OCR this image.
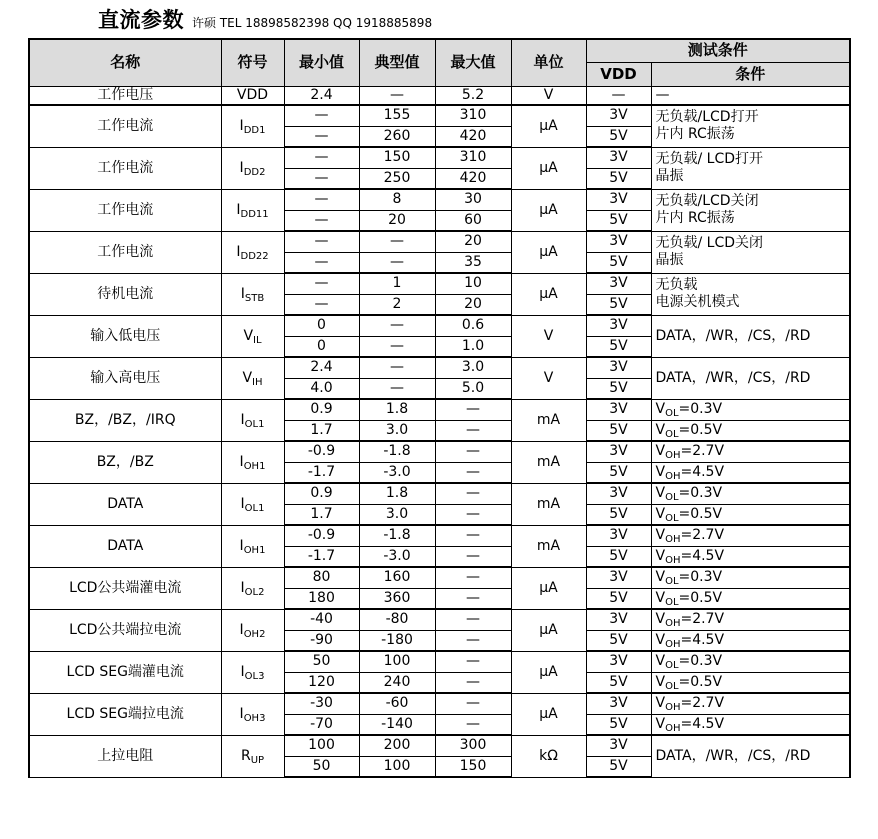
直流参数 许硕 TEL 18898582398 QQ 1918885898
名称	符号	最小值	典型值	最大值	单位	测试条件	
						VDD	条件
工作电压	VDD	2.4	—	5.2	V	—	—

工作电流	$I_{DD1}$	—	155	310	μA	3V	无负载/LCD打开
片内 RC振荡

		—	260	420		5V	
工作电流	$I_{DD2}$	—	150	310	μA	3V	无负载/ LCD打开
晶振

		—	250	420		5V	
工作电流	$I_{DD11}$	—	8	30	μA	3V	无负载/LCD关闭
片内 RC振荡

		—	20	60		5V	
工作电流	$I_{DD22}$	—	—	20	μA	3V	无负载/ LCD关闭
晶振

		—	—	35		5V	
待机电流	$I_{STB}$	—	1	10	μA	3V	无负载
电源关机模式

		—	2	20		5V	
输入低电压	$V_{IL}$	0	—	0.6	V	3V	DATA，/WR，/CS，/RD

		0	—	1.0		5V	
输入高电压	$V_{IH}$	2.4	—	3.0	V	3V	DATA，/WR，/CS，/RD

		4.0	—	5.0		5V	
BZ，/BZ，/IRQ	$I_{OL1}$	0.9	1.8	—	mA	3V	$V_{OL}=0.3V$
		1.7	3.0	—		5V	$V_{OL}=0.5V$
BZ，/BZ	$I_{OH1}$	-0.9	-1.8	—	mA	3V	$V_{OH}=2.7V$
		-1.7	-3.0	—		5V	$V_{OH}=4.5V$
DATA	$I_{OL1}$	0.9	1.8	—	mA	3V	$V_{OL}=0.3V$
		1.7	3.0	—		5V	$V_{OL}=0.5V$
DATA	$I_{OH1}$	-0.9	-1.8	—	mA	3V	$V_{OH}=2.7V$
		-1.7	-3.0	—		5V	$V_{OH}=4.5V$
LCD公共端灌电流	$I_{OL2}$	80	160	—	μA	3V	$V_{OL}=0.3V$
		180	360	—		5V	$V_{OL}=0.5V$
LCD公共端拉电流	$I_{OH2}$	-40	-80	—	μA	3V	$V_{OH}=2.7V$
		-90	-180	—		5V	$V_{OH}=4.5V$
LCD SEG端灌电流	$I_{OL3}$	50	100	—	μA	3V	$V_{OL}=0.3V$
		120	240	—		5V	$V_{OL}=0.5V$
LCD SEG端拉电流	$I_{OH3}$	-30	-60	—	μA	3V	$V_{OH}=2.7V$
		-70	-140	—		5V	$V_{OH}=4.5V$
上拉电阻	$R_{UP}$	100	200	300	kΩ	3V	DATA，/WR，/CS，/RD

		50	100	150		5V	
